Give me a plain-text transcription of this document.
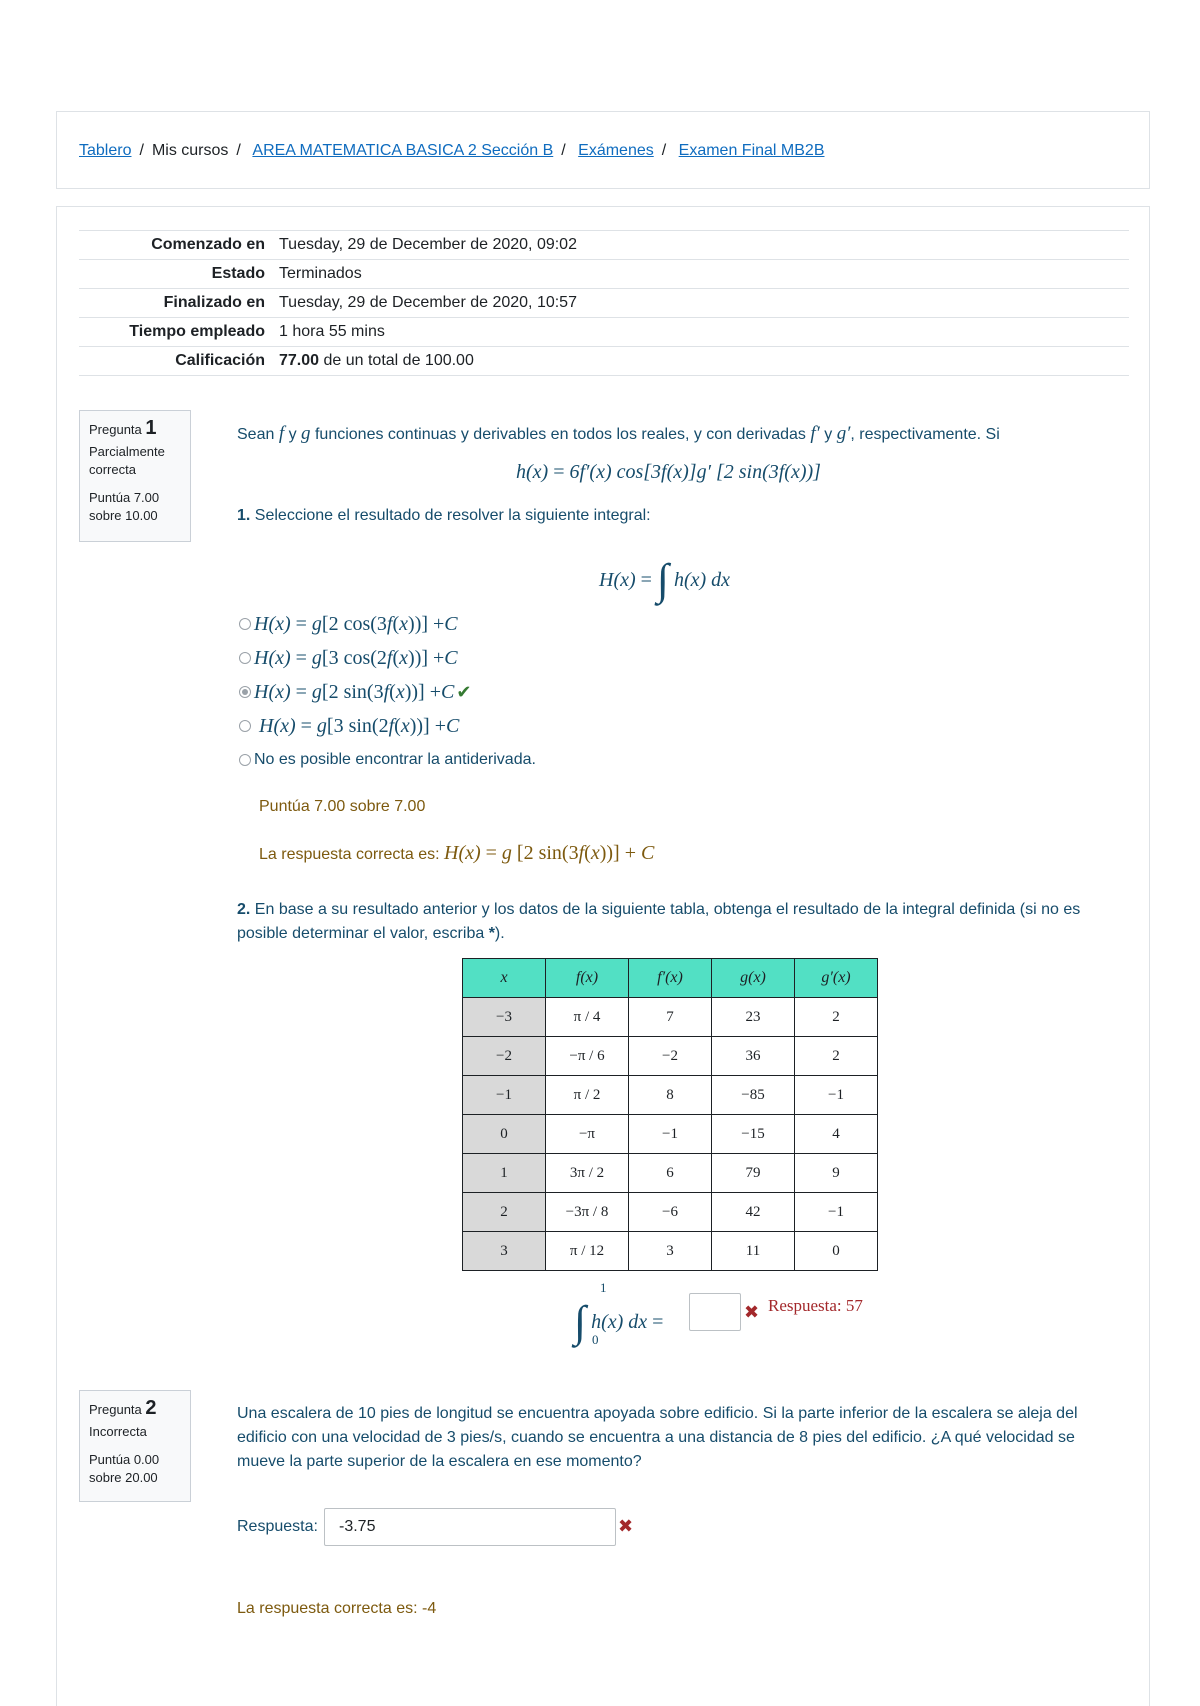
Tablero / Mis cursos / AREA MATEMATICA BASICA 2 Sección B / Exámenes / Examen Final MB2B
Comenzado en	Tuesday, 29 de December de 2020, 09:02
Estado	Terminados
Finalizado en	Tuesday, 29 de December de 2020, 10:57
Tiempo empleado	1 hora 55 mins
Calificación	77.00 de un total de 100.00
Pregunta 1
Parcialmente correcta
Puntúa 7.00 sobre 10.00
Sean f y g funciones continuas y derivables en todos los reales, y con derivadas f′ y g′, respectivamente. Si
h(x) = 6f′(x) cos[3f(x)]g′ [2 sin(3f(x))]
1. Seleccione el resultado de resolver la siguiente integral:
H(x) = ∫ h(x) dx
H(x) = g [2 cos(3 f ( x ))] + C
H(x) = g [3 cos(2 f ( x ))] + C
H(x) = g [2 sin(3 f ( x ))] + C ✔
H(x) = g [3 sin(2 f ( x ))] + C
No es posible encontrar la antiderivada.
Puntúa 7.00 sobre 7.00
La respuesta correcta es: H(x) = g [2 sin(3f(x))] + C
2. En base a su resultado anterior y los datos de la siguiente tabla, obtenga el resultado de la integral definida (si no es posible determinar el valor, escriba *).
x	f(x)	f′(x)	g(x)	g′(x)
−3	π / 4	7	23	2
−2	−π / 6	−2	36	2
−1	π / 2	8	−85	−1
0	−π	−1	−15	4
1	3π / 2	6	79	9
2	−3π / 8	−6	42	−1
3	π / 12	3	11	0
∫
1
0
h(x) dx =	✖ Respuesta: 57
Pregunta 2
Incorrecta
Puntúa 0.00 sobre 20.00
Una escalera de 10 pies de longitud se encuentra apoyada sobre edificio. Si la parte inferior de la escalera se aleja del edificio con una velocidad de 3 pies/s, cuando se encuentra a una distancia de 8 pies del edificio. ¿A qué velocidad se mueve la parte superior de la escalera en ese momento?
Respuesta:	-3.75	✖
La respuesta correcta es: -4
